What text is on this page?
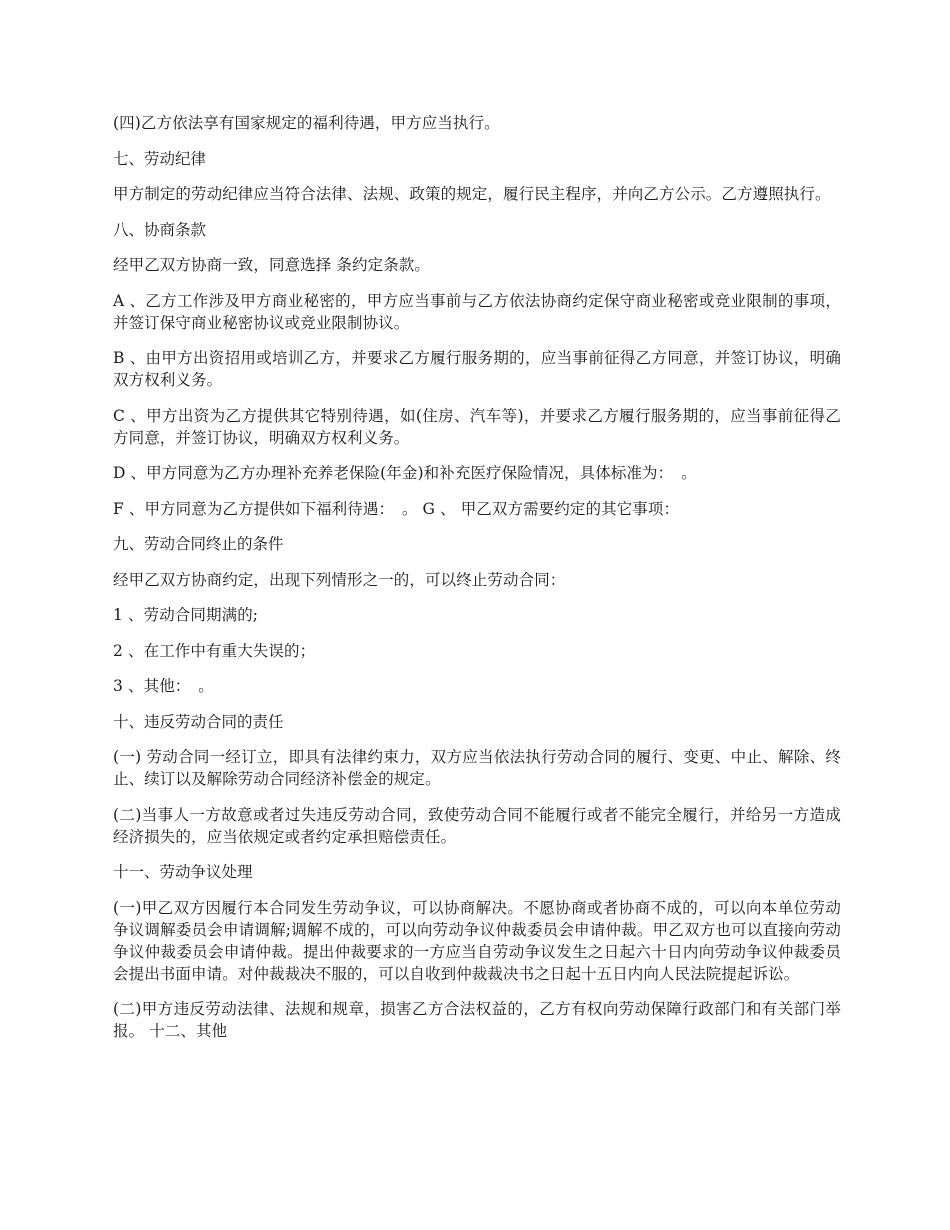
(四)乙方依法享有国家规定的福利待遇，甲方应当执行。

七、劳动纪律

甲方制定的劳动纪律应当符合法律、法规、政策的规定，履行民主程序，并向乙方公示。乙方遵照执行。

八、协商条款

经甲乙双方协商一致，同意选择 条约定条款。

A 、乙方工作涉及甲方商业秘密的，甲方应当事前与乙方依法协商约定保守商业秘密或竞业限制的事项，并签订保守商业秘密协议或竞业限制协议。

B 、由甲方出资招用或培训乙方，并要求乙方履行服务期的，应当事前征得乙方同意，并签订协议，明确双方权利义务。

C 、甲方出资为乙方提供其它特别待遇，如(住房、汽车等)，并要求乙方履行服务期的，应当事前征得乙方同意，并签订协议，明确双方权利义务。

D 、甲方同意为乙方办理补充养老保险(年金)和补充医疗保险情况，具体标准为：　。

F 、甲方同意为乙方提供如下福利待遇：　。 G 、 甲乙双方需要约定的其它事项：

九、劳动合同终止的条件

经甲乙双方协商约定，出现下列情形之一的，可以终止劳动合同：

1 、劳动合同期满的;

2 、在工作中有重大失误的；

3 、其他：　。

十、违反劳动合同的责任

(一) 劳动合同一经订立，即具有法律约束力，双方应当依法执行劳动合同的履行、变更、中止、解除、终止、续订以及解除劳动合同经济补偿金的规定。

(二)当事人一方故意或者过失违反劳动合同，致使劳动合同不能履行或者不能完全履行，并给另一方造成经济损失的，应当依规定或者约定承担赔偿责任。

十一、劳动争议处理

(一)甲乙双方因履行本合同发生劳动争议，可以协商解决。不愿协商或者协商不成的，可以向本单位劳动争议调解委员会申请调解;调解不成的，可以向劳动争议仲裁委员会申请仲裁。甲乙双方也可以直接向劳动争议仲裁委员会申请仲裁。提出仲裁要求的一方应当自劳动争议发生之日起六十日内向劳动争议仲裁委员会提出书面申请。对仲裁裁决不服的，可以自收到仲裁裁决书之日起十五日内向人民法院提起诉讼。

(二)甲方违反劳动法律、法规和规章，损害乙方合法权益的，乙方有权向劳动保障行政部门和有关部门举报。 十二、其他
